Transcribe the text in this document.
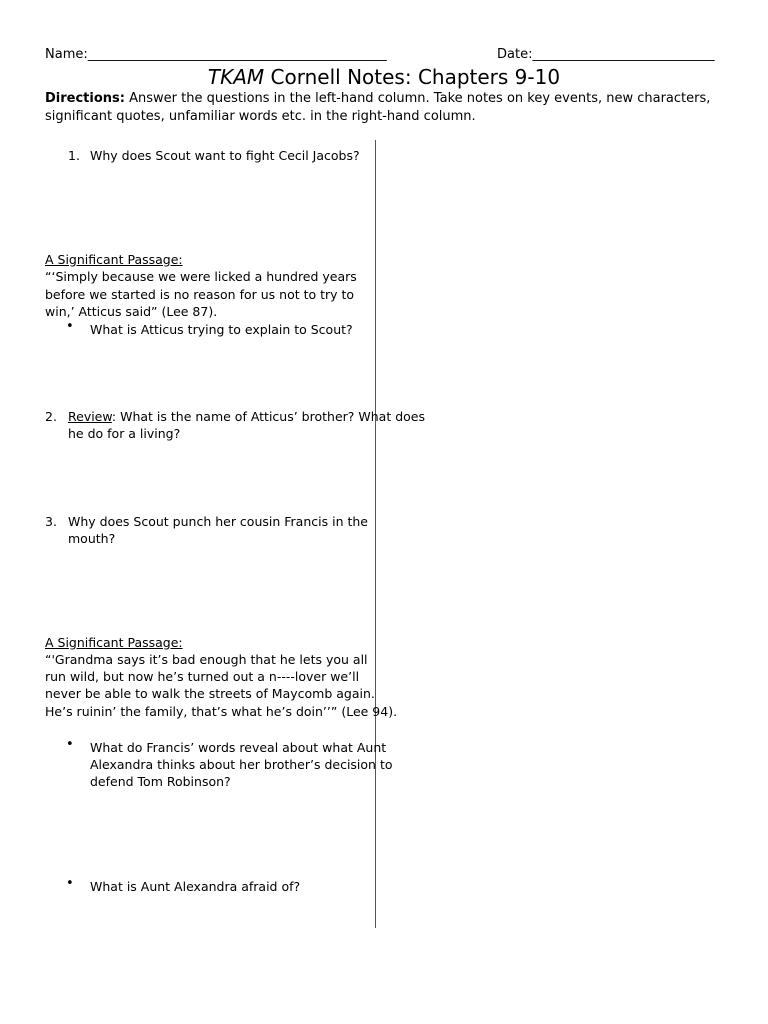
Name:______________________________________________	Date:____________________________
TKAM Cornell Notes: Chapters 9-10
Directions: Answer the questions in the left-hand column. Take notes on key events, new characters, significant quotes, unfamiliar words etc. in the right-hand column.
1. Why does Scout want to fight Cecil Jacobs?
A Significant Passage:
“‘Simply because we were licked a hundred years
before we started is no reason for us not to try to
win,’ Atticus said” (Lee 87).
• What is Atticus trying to explain to Scout?
2. Review: What is the name of Atticus’ brother? What does
he do for a living?
3. Why does Scout punch her cousin Francis in the
mouth?
A Significant Passage:
“'Grandma says it’s bad enough that he lets you all
run wild, but now he’s turned out a n----lover we’ll
never be able to walk the streets of Maycomb again.
He’s ruinin’ the family, that’s what he’s doin’’” (Lee 94).
• What do Francis’ words reveal about what Aunt
Alexandra thinks about her brother’s decision to
defend Tom Robinson?
• What is Aunt Alexandra afraid of?
